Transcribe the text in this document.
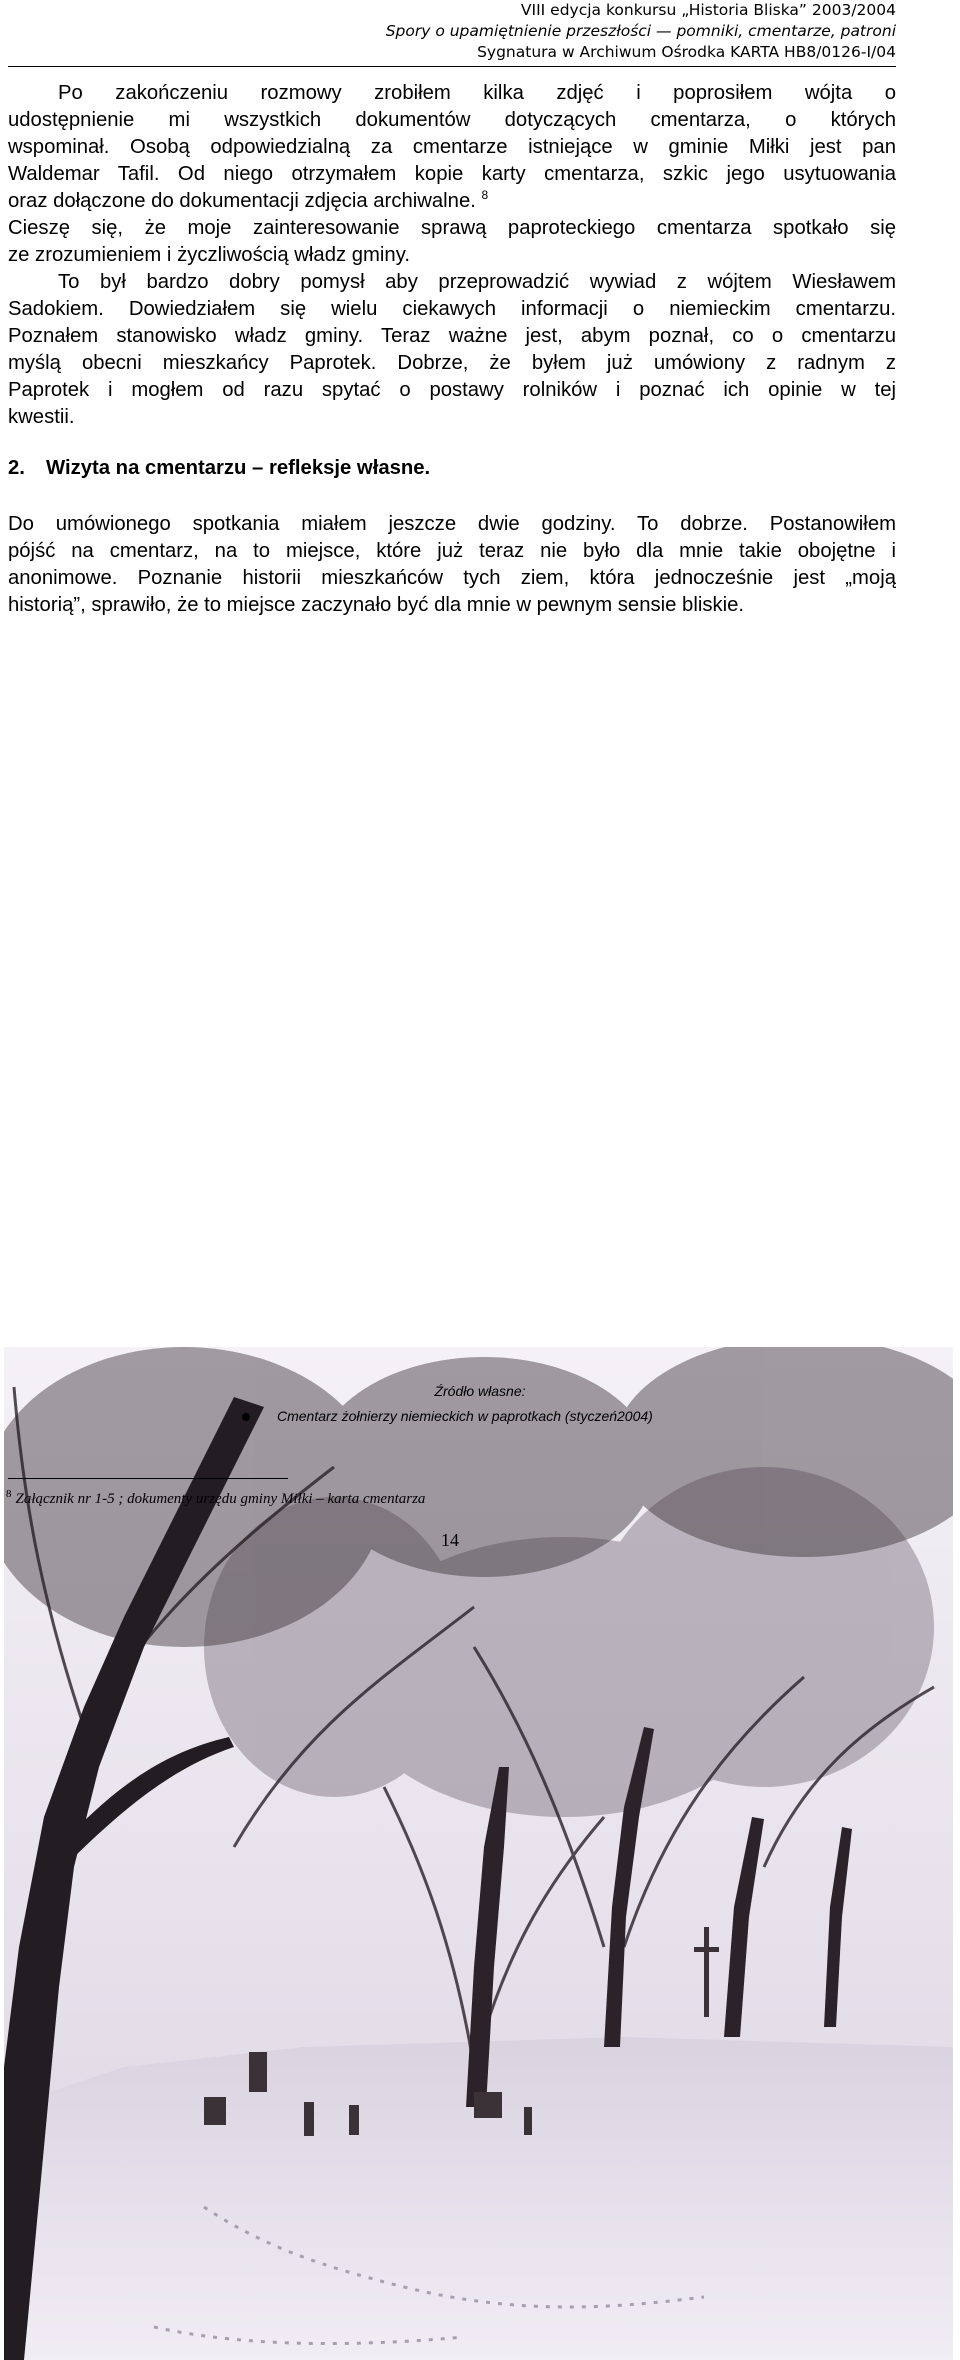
VIII edycja konkursu „Historia Bliska” 2003/2004
Spory o upamiętnienie przeszłości — pomniki, cmentarze, patroni
Sygnatura w Archiwum Ośrodka KARTA HB8/0126-I/04
Po zakończeniu rozmowy zrobiłem kilka zdjęć i poprosiłem wójta o
udostępnienie mi wszystkich dokumentów dotyczących cmentarza, o których
wspominał. Osobą odpowiedzialną za cmentarze istniejące w gminie Miłki jest pan
Waldemar Tafil. Od niego otrzymałem kopie karty cmentarza, szkic jego usytuowania
oraz dołączone do dokumentacji zdjęcia archiwalne. $^8$
Cieszę się, że moje zainteresowanie sprawą paproteckiego cmentarza spotkało się
ze zrozumieniem i życzliwością władz gminy.
To był bardzo dobry pomysł aby przeprowadzić wywiad z wójtem Wiesławem
Sadokiem. Dowiedziałem się wielu ciekawych informacji o niemieckim cmentarzu.
Poznałem stanowisko władz gminy. Teraz ważne jest, abym poznał, co o cmentarzu
myślą obecni mieszkańcy Paprotek. Dobrze, że byłem już umówiony z radnym z
Paprotek i mogłem od razu spytać o postawy rolników i poznać ich opinie w tej
kwestii.
2. Wizyta na cmentarzu – refleksje własne.
Do umówionego spotkania miałem jeszcze dwie godziny. To dobrze. Postanowiłem
pójść na cmentarz, na to miejsce, które już teraz nie było dla mnie takie obojętne i
anonimowe. Poznanie historii mieszkańców tych ziem, która jednocześnie jest „moją
historią”, sprawiło, że to miejsce zaczynało być dla mnie w pewnym sensie bliskie.
Źródło własne:
Cmentarz żołnierzy niemieckich w paprotkach (styczeń2004)
$^8$ Załącznik nr 1-5 ; dokumenty urzędu gminy Miłki – karta cmentarza
14
